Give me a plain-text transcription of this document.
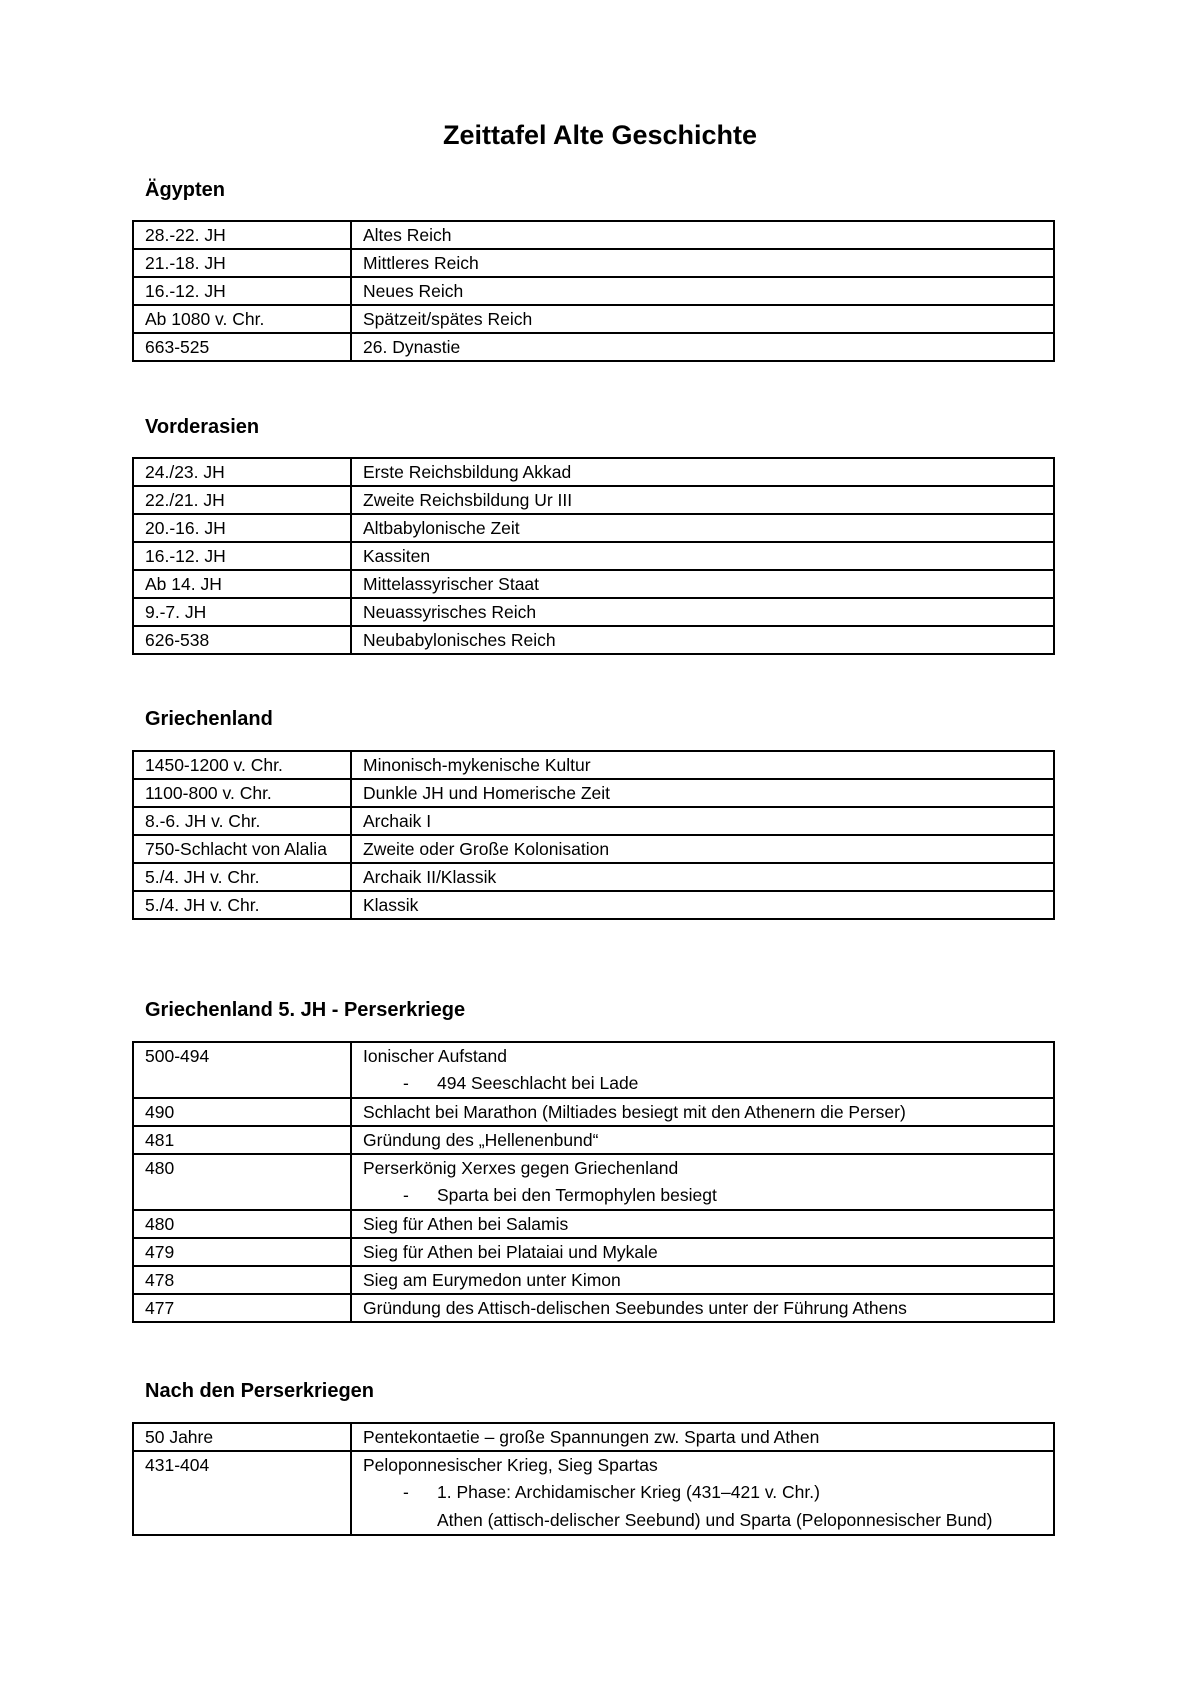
Zeittafel Alte Geschichte
Ägypten
28.-22. JH	Altes Reich
21.-18. JH	Mittleres Reich
16.-12. JH	Neues Reich
Ab 1080 v. Chr.	Spätzeit/spätes Reich
663-525	26. Dynastie
Vorderasien
24./23. JH	Erste Reichsbildung Akkad
22./21. JH	Zweite Reichsbildung Ur III
20.-16. JH	Altbabylonische Zeit
16.-12. JH	Kassiten
Ab 14. JH	Mittelassyrischer Staat
9.-7. JH	Neuassyrisches Reich
626-538	Neubabylonisches Reich
Griechenland
1450-1200 v. Chr.	Minonisch-mykenische Kultur
1100-800 v. Chr.	Dunkle JH und Homerische Zeit
8.-6. JH v. Chr.	Archaik I
750-Schlacht von Alalia	Zweite oder Große Kolonisation
5./4. JH v. Chr.	Archaik II/Klassik
5./4. JH v. Chr.	Klassik
Griechenland 5. JH - Perserkriege
500-494	Ionischer Aufstand
- 494 Seeschlacht bei Lade

490	Schlacht bei Marathon (Miltiades besiegt mit den Athenern die Perser)
481	Gründung des „Hellenenbund“
480	Perserkönig Xerxes gegen Griechenland
- Sparta bei den Termophylen besiegt

480	Sieg für Athen bei Salamis
479	Sieg für Athen bei Plataiai und Mykale
478	Sieg am Eurymedon unter Kimon
477	Gründung des Attisch-delischen Seebundes unter der Führung Athens
Nach den Perserkriegen
50 Jahre	Pentekontaetie – große Spannungen zw. Sparta und Athen
431-404	Peloponnesischer Krieg, Sieg Spartas
- 1. Phase: Archidamischer Krieg (431–421 v. Chr.)
Athen (attisch-delischer Seebund) und Sparta (Peloponnesischer Bund)
